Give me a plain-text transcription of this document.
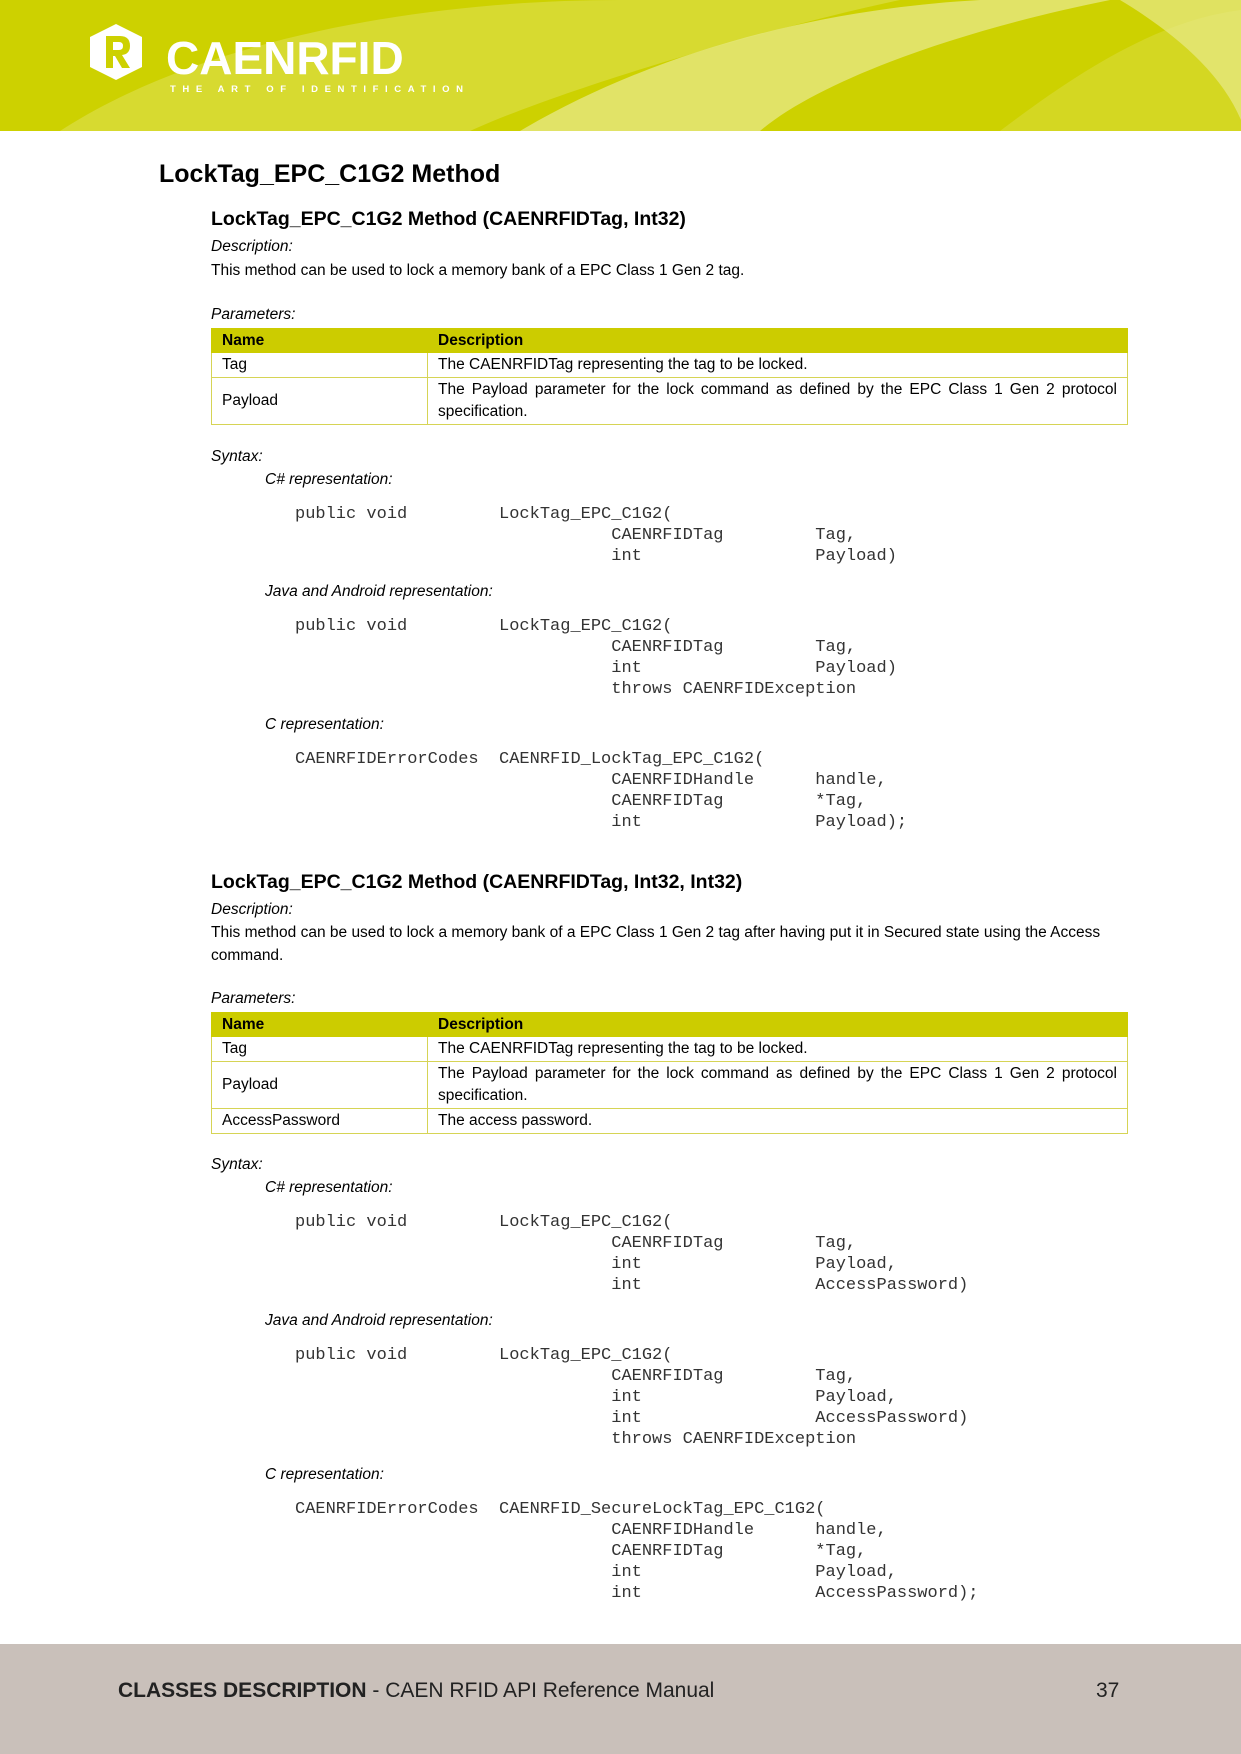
CAENRFID
THE ART OF IDENTIFICATION
LockTag_EPC_C1G2 Method
LockTag_EPC_C1G2 Method (CAENRFIDTag, Int32)

Description:

This method can be used to lock a memory bank of a EPC Class 1 Gen 2 tag.

Parameters:

Name	Description
Tag	The CAENRFIDTag representing the tag to be locked.
Payload	The Payload parameter for the lock command as defined by the EPC Class 1 Gen 2 protocol specification.

Syntax:

C# representation:

public void         LockTag_EPC_C1G2(
CAENRFIDTag         Tag,
int                 Payload)

Java and Android representation:

public void         LockTag_EPC_C1G2(
CAENRFIDTag         Tag,
int                 Payload)
throws CAENRFIDException

C representation:

CAENRFIDErrorCodes  CAENRFID_LockTag_EPC_C1G2(
CAENRFIDHandle      handle,
CAENRFIDTag         *Tag,
int                 Payload);
LockTag_EPC_C1G2 Method (CAENRFIDTag, Int32, Int32)

Description:

This method can be used to lock a memory bank of a EPC Class 1 Gen 2 tag after having put it in Secured state using the Access command.

Parameters:

Name	Description
Tag	The CAENRFIDTag representing the tag to be locked.
Payload	The Payload parameter for the lock command as defined by the EPC Class 1 Gen 2 protocol specification.
AccessPassword	The access password.

Syntax:

C# representation:

public void         LockTag_EPC_C1G2(
CAENRFIDTag         Tag,
int                 Payload,
int                 AccessPassword)

Java and Android representation:

public void         LockTag_EPC_C1G2(
CAENRFIDTag         Tag,
int                 Payload,
int                 AccessPassword)
throws CAENRFIDException

C representation:

CAENRFIDErrorCodes  CAENRFID_SecureLockTag_EPC_C1G2(
CAENRFIDHandle      handle,
CAENRFIDTag         *Tag,
int                 Payload,
int                 AccessPassword);
CLASSES DESCRIPTION - CAEN RFID API Reference Manual	37
